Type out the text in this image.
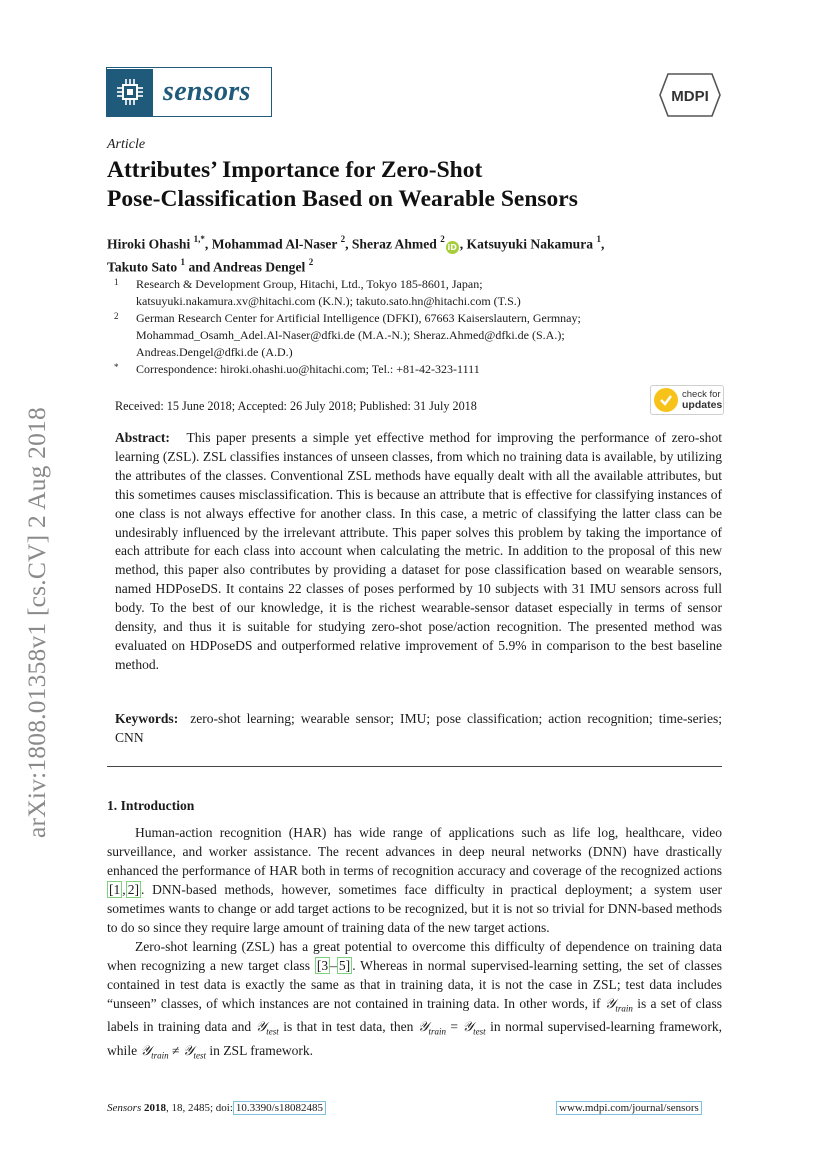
arXiv:1808.01358v1 [cs.CV] 2 Aug 2018
sensors	MDPI
Article
Attributes’ Importance for Zero-Shot
Pose-Classification Based on Wearable Sensors
Hiroki Ohashi $^{1,*}$, Mohammad Al-Naser $^2$, Sheraz Ahmed $^2$iD , Katsuyuki Nakamura $^1$,
Takuto Sato $^1$ and Andreas Dengel $^2$
1	Research & Development Group, Hitachi, Ltd., Tokyo 185-8601, Japan;
katsuyuki.nakamura.xv@hitachi.com (K.N.); takuto.sato.hn@hitachi.com (T.S.)
2	German Research Center for Artificial Intelligence (DFKI), 67663 Kaiserslautern, Germnay;
Mohammad_Osamh_Adel.Al-Naser@dfki.de (M.A.-N.); Sheraz.Ahmed@dfki.de (S.A.);
Andreas.Dengel@dfki.de (A.D.)
*	Correspondence: hiroki.ohashi.uo@hitachi.com; Tel.: +81-42-323-1111
Received: 15 June 2018; Accepted: 26 July 2018; Published: 31 July 2018
check for
updates
Abstract: This paper presents a simple yet effective method for improving the performance of zero-shot learning (ZSL). ZSL classifies instances of unseen classes, from which no training data is available, by utilizing the attributes of the classes. Conventional ZSL methods have equally dealt with all the available attributes, but this sometimes causes misclassification. This is because an attribute that is effective for classifying instances of one class is not always effective for another class. In this case, a metric of classifying the latter class can be undesirably influenced by the irrelevant attribute. This paper solves this problem by taking the importance of each attribute for each class into account when calculating the metric. In addition to the proposal of this new method, this paper also contributes by providing a dataset for pose classification based on wearable sensors, named HDPoseDS. It contains 22 classes of poses performed by 10 subjects with 31 IMU sensors across full body. To the best of our knowledge, it is the richest wearable-sensor dataset especially in terms of sensor density, and thus it is suitable for studying zero-shot pose/action recognition. The presented method was evaluated on HDPoseDS and outperformed relative improvement of 5.9% in comparison to the best baseline method.
Keywords: zero-shot learning; wearable sensor; IMU; pose classification; action recognition; time-series; CNN
1. Introduction

Human-action recognition (HAR) has wide range of applications such as life log, healthcare, video surveillance, and worker assistance. The recent advances in deep neural networks (DNN) have drastically enhanced the performance of HAR both in terms of recognition accuracy and coverage of the recognized actions [1 , 2] . DNN-based methods, however, sometimes face difficulty in practical deployment; a system user sometimes wants to change or add target actions to be recognized, but it is not so trivial for DNN-based methods to do so since they require large amount of training data of the new target actions.

Zero-shot learning (ZSL) has a great potential to overcome this difficulty of dependence on training data when recognizing a new target class [3 – 5] . Whereas in normal supervised-learning setting, the set of classes contained in test data is exactly the same as that in training data, it is not the case in ZSL; test data includes “unseen” classes, of which instances are not contained in training data. In other words, if 𝒴$_{train}$ is a set of class labels in training data and 𝒴$_{test}$ is that in test data, then 𝒴$_{train}$ = 𝒴$_{test}$ in normal supervised-learning framework, while 𝒴$_{train}$ ≠ 𝒴$_{test}$ in ZSL framework.

Sensors 2018, 18, 2485; doi: 10.3390/s18082485	www.mdpi.com/journal/sensors
